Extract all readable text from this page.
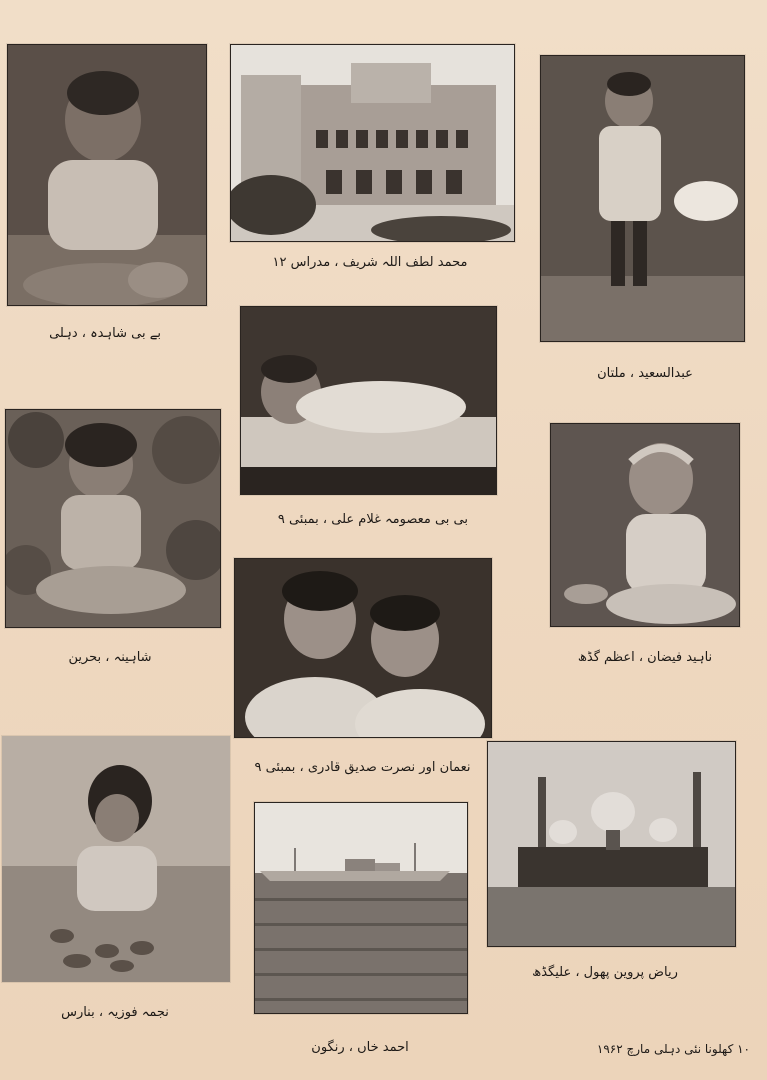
بے بی شاہدہ ، دہلی
محمد لطف اللہ شریف ، مدراس ۱۲
عبدالسعید ، ملتان
بی بی معصومہ غلام علی ، بمبئی ۹
شاہینہ ، بحرین	ناہید فیضان ، اعظم گڈھ
نعمان اور نصرت صدیق قادری ، بمبئی ۹
نجمہ فوزیہ ، بنارس
احمد خاں ، رنگون
ریاض پروین پھول ، علیگڈھ
۱۰ کھلونا نئی دہلی مارچ ۱۹۶۲
